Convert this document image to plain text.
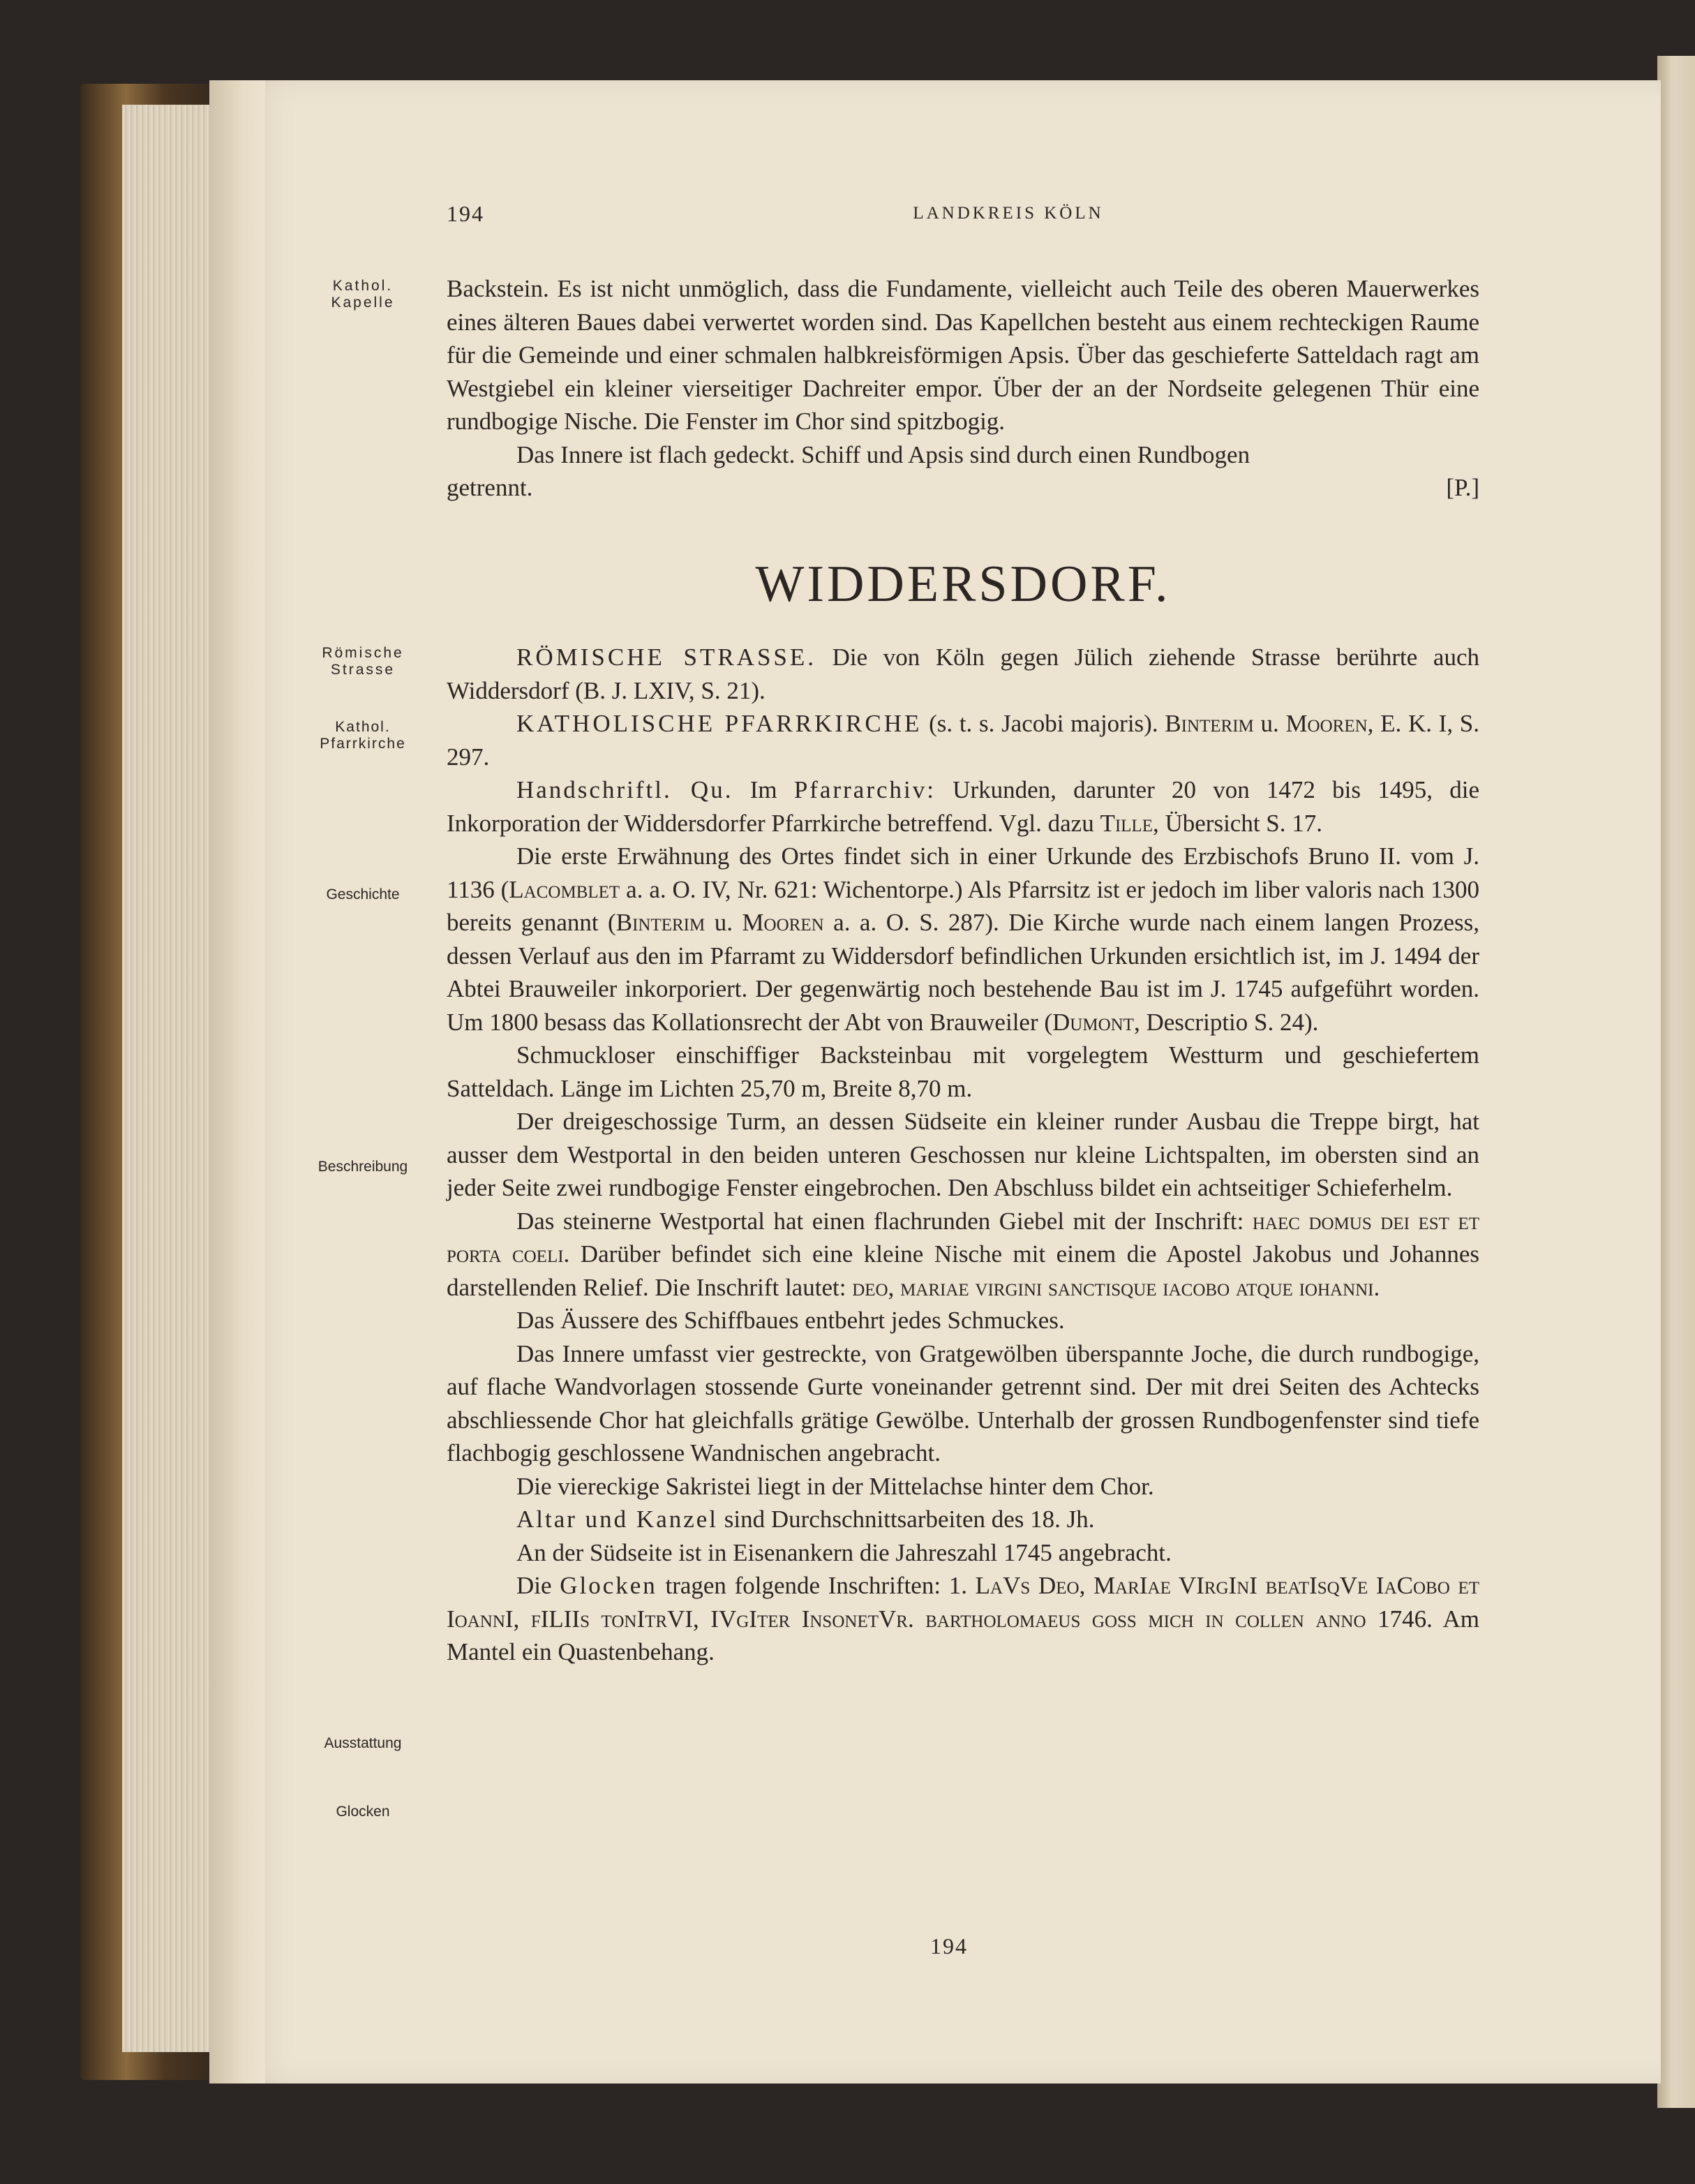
194	LANDKREIS KÖLN
Kathol.
Kapelle
Römische
Strasse
Kathol.
Pfarrkirche
Geschichte
Beschreibung
Ausstattung
Glocken

Backstein. Es ist nicht unmöglich, dass die Fundamente, vielleicht auch Teile des oberen Mauerwerkes eines älteren Baues dabei verwertet worden sind. Das Kapellchen besteht aus einem rechteckigen Raume für die Gemeinde und einer schmalen halbkreisförmigen Apsis. Über das geschieferte Satteldach ragt am Westgiebel ein kleiner vierseitiger Dachreiter empor. Über der an der Nordseite gelegenen Thür eine rundbogige Nische. Die Fenster im Chor sind spitzbogig.

Das Innere ist flach gedeckt. Schiff und Apsis sind durch einen Rundbogen

getrennt.	[P.]
WIDDERSDORF.

RÖMISCHE STRASSE. Die von Köln gegen Jülich ziehende Strasse berührte auch Widdersdorf (B. J. LXIV, S. 21).

KATHOLISCHE PFARRKIRCHE (s. t. s. Jacobi majoris). Binterim u. Mooren, E. K. I, S. 297.

Handschriftl. Qu. Im Pfarrarchiv: Urkunden, darunter 20 von 1472 bis 1495, die Inkorporation der Widdersdorfer Pfarrkirche betreffend. Vgl. dazu Tille, Übersicht S. 17.

Die erste Erwähnung des Ortes findet sich in einer Urkunde des Erzbischofs Bruno II. vom J. 1136 (Lacomblet a. a. O. IV, Nr. 621: Wichentorpe.) Als Pfarrsitz ist er jedoch im liber valoris nach 1300 bereits genannt (Binterim u. Mooren a. a. O. S. 287). Die Kirche wurde nach einem langen Prozess, dessen Verlauf aus den im Pfarramt zu Widdersdorf befindlichen Urkunden ersichtlich ist, im J. 1494 der Abtei Brauweiler inkorporiert. Der gegenwärtig noch bestehende Bau ist im J. 1745 aufgeführt worden. Um 1800 besass das Kollationsrecht der Abt von Brauweiler (Dumont, Descriptio S. 24).

Schmuckloser einschiffiger Backsteinbau mit vorgelegtem Westturm und geschiefertem Satteldach. Länge im Lichten 25,70 m, Breite 8,70 m.

Der dreigeschossige Turm, an dessen Südseite ein kleiner runder Ausbau die Treppe birgt, hat ausser dem Westportal in den beiden unteren Geschossen nur kleine Lichtspalten, im obersten sind an jeder Seite zwei rundbogige Fenster eingebrochen. Den Abschluss bildet ein achtseitiger Schieferhelm.

Das steinerne Westportal hat einen flachrunden Giebel mit der Inschrift: haec domus dei est et porta coeli. Darüber befindet sich eine kleine Nische mit einem die Apostel Jakobus und Johannes darstellenden Relief. Die Inschrift lautet: deo, mariae virgini sanctisque iacobo atque iohanni.

Das Äussere des Schiffbaues entbehrt jedes Schmuckes.

Das Innere umfasst vier gestreckte, von Gratgewölben überspannte Joche, die durch rundbogige, auf flache Wandvorlagen stossende Gurte voneinander getrennt sind. Der mit drei Seiten des Achtecks abschliessende Chor hat gleichfalls grätige Gewölbe. Unterhalb der grossen Rundbogenfenster sind tiefe flachbogig geschlossene Wandnischen angebracht.

Die viereckige Sakristei liegt in der Mittelachse hinter dem Chor.

Altar und Kanzel sind Durchschnittsarbeiten des 18. Jh.

An der Südseite ist in Eisenankern die Jahreszahl 1745 angebracht.

Die Glocken tragen folgende Inschriften: 1. LaVs Deo, MarIae VIrgInI beatIsqVe IaCobo et IoannI, fILIIs tonItrVI, IVgIter InsonetVr. bartholomaeus goss mich in collen anno 1746. Am Mantel ein Quastenbehang.

194
